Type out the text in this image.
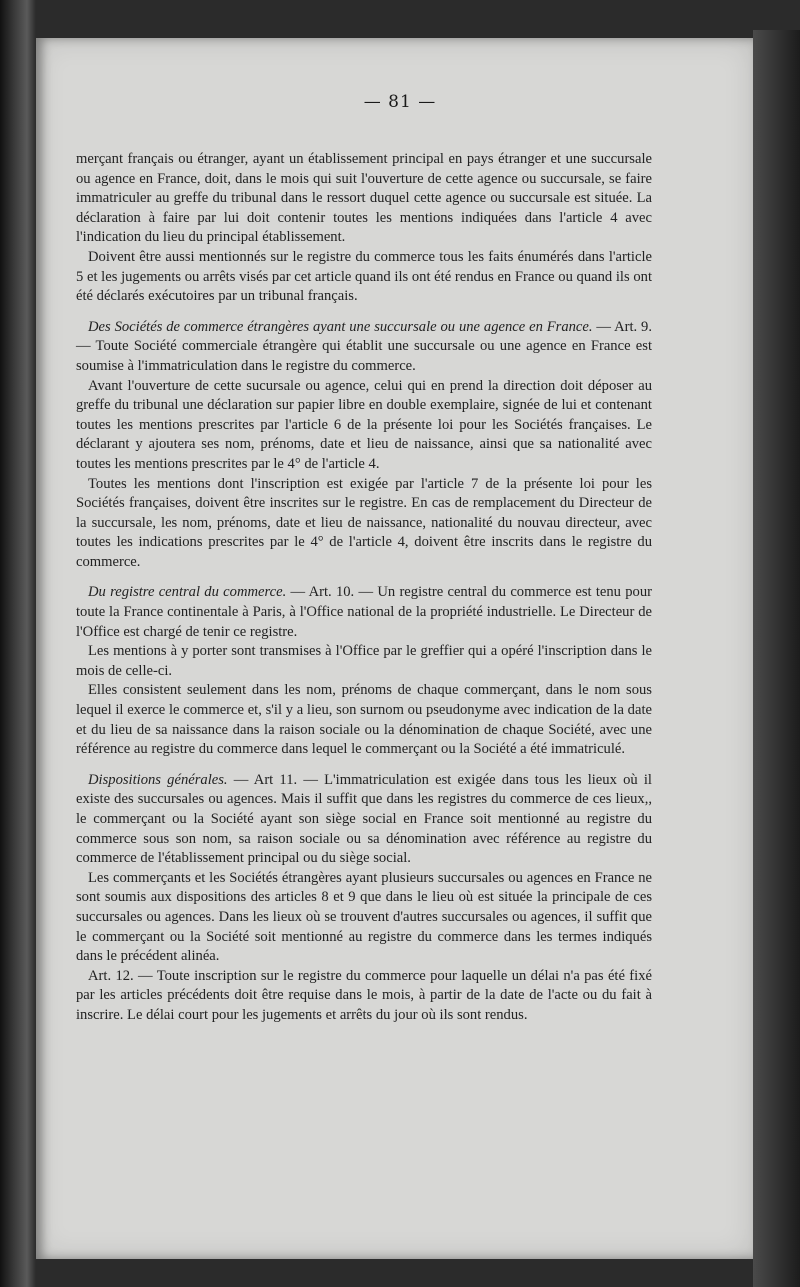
— 81 —

merçant français ou étranger, ayant un établissement principal en pays étranger et une succursale ou agence en France, doit, dans le mois qui suit l'ouverture de cette agence ou succursale, se faire immatriculer au greffe du tribunal dans le ressort duquel cette agence ou succursale est située. La déclaration à faire par lui doit contenir toutes les mentions indiquées dans l'article 4 avec l'indication du lieu du principal établissement.

Doivent être aussi mentionnés sur le registre du commerce tous les faits énumérés dans l'article 5 et les jugements ou arrêts visés par cet article quand ils ont été rendus en France ou quand ils ont été déclarés exécutoires par un tribunal français.

Des Sociétés de commerce étrangères ayant une succursale ou une agence en France. — Art. 9. — Toute Société commerciale étrangère qui établit une succursale ou une agence en France est soumise à l'immatriculation dans le registre du commerce.

Avant l'ouverture de cette sucursale ou agence, celui qui en prend la direction doit déposer au greffe du tribunal une déclaration sur papier libre en double exemplaire, signée de lui et contenant toutes les mentions prescrites par l'article 6 de la présente loi pour les Sociétés françaises. Le déclarant y ajoutera ses nom, prénoms, date et lieu de naissance, ainsi que sa nationalité avec toutes les mentions prescrites par le 4° de l'article 4.

Toutes les mentions dont l'inscription est exigée par l'article 7 de la présente loi pour les Sociétés françaises, doivent être inscrites sur le registre. En cas de remplacement du Directeur de la succursale, les nom, prénoms, date et lieu de naissance, nationalité du nouvau directeur, avec toutes les indications prescrites par le 4° de l'article 4, doivent être inscrits dans le registre du commerce.

Du registre central du commerce. — Art. 10. — Un registre central du commerce est tenu pour toute la France continentale à Paris, à l'Office national de la propriété industrielle. Le Directeur de l'Office est chargé de tenir ce registre.

Les mentions à y porter sont transmises à l'Office par le greffier qui a opéré l'inscription dans le mois de celle-ci.

Elles consistent seulement dans les nom, prénoms de chaque commerçant, dans le nom sous lequel il exerce le commerce et, s'il y a lieu, son surnom ou pseudonyme avec indication de la date et du lieu de sa naissance dans la raison sociale ou la dénomination de chaque Société, avec une référence au registre du commerce dans lequel le commerçant ou la Société a été immatriculé.

Dispositions générales. — Art 11. — L'immatriculation est exigée dans tous les lieux où il existe des succursales ou agences. Mais il suffit que dans les registres du commerce de ces lieux,, le commerçant ou la Société ayant son siège social en France soit mentionné au registre du commerce sous son nom, sa raison sociale ou sa dénomination avec référence au registre du commerce de l'établissement principal ou du siège social.

Les commerçants et les Sociétés étrangères ayant plusieurs succursales ou agences en France ne sont soumis aux dispositions des articles 8 et 9 que dans le lieu où est située la principale de ces succursales ou agences. Dans les lieux où se trouvent d'autres succursales ou agences, il suffit que le commerçant ou la Société soit mentionné au registre du commerce dans les termes indiqués dans le précédent alinéa.

Art. 12. — Toute inscription sur le registre du commerce pour laquelle un délai n'a pas été fixé par les articles précédents doit être requise dans le mois, à partir de la date de l'acte ou du fait à inscrire. Le délai court pour les jugements et arrêts du jour où ils sont rendus.
